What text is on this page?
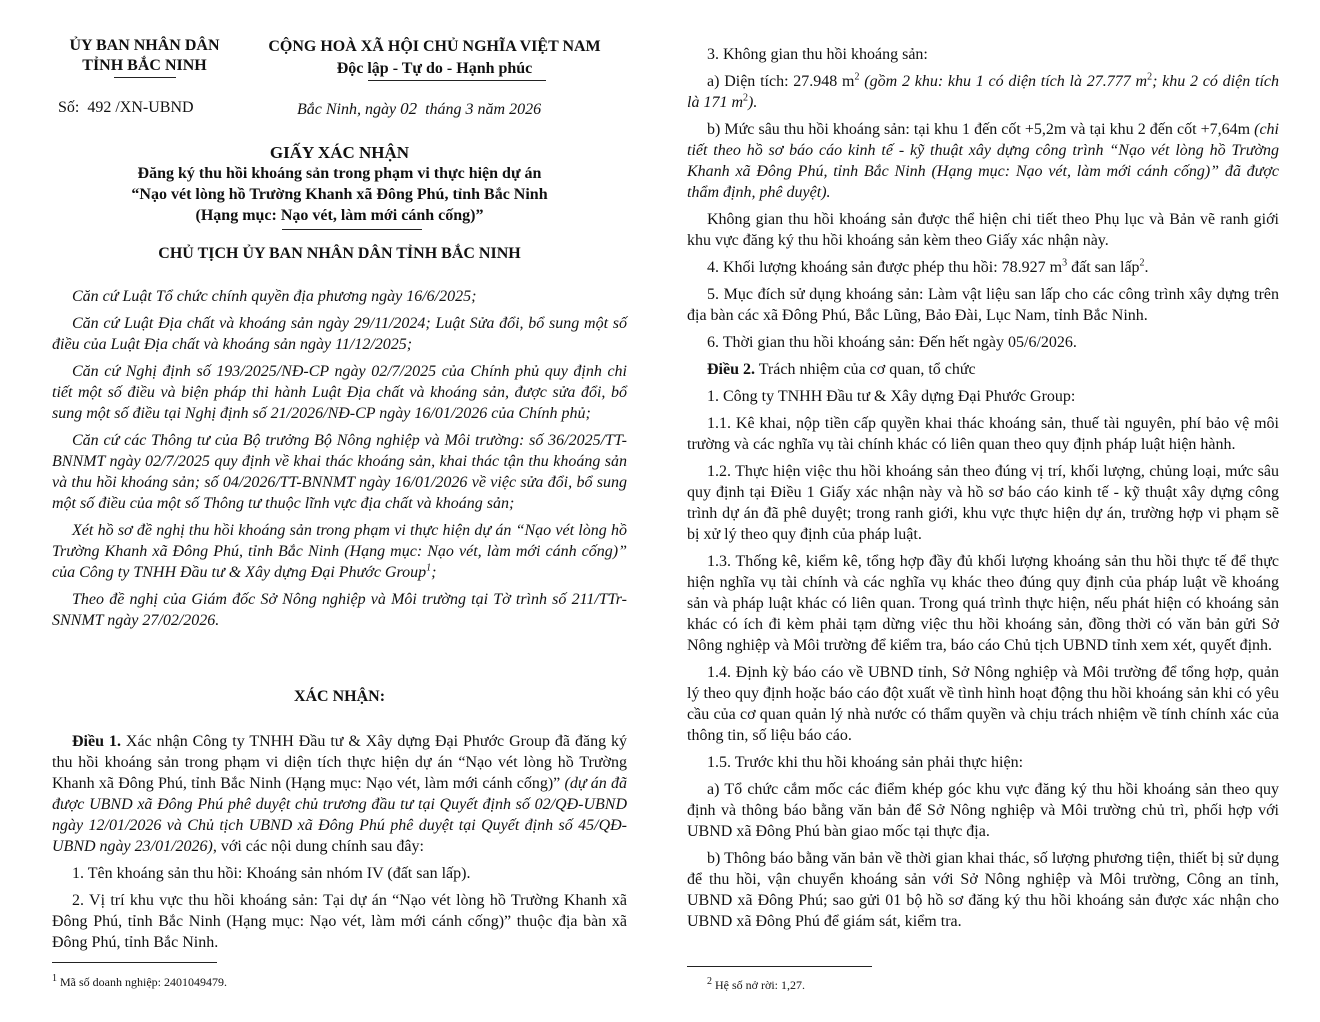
ỦY BAN NHÂN DÂN
TỈNH BẮC NINH
CỘNG HOÀ XÃ HỘI CHỦ NGHĨA VIỆT NAM
Độc lập - Tự do - Hạnh phúc
Số:  492 /XN-UBND	Bắc Ninh, ngày 02  tháng 3 năm 2026
GIẤY XÁC NHẬN
Đăng ký thu hồi khoáng sản trong phạm vi thực hiện dự án
“Nạo vét lòng hồ Trường Khanh xã Đông Phú, tỉnh Bắc Ninh
(Hạng mục: Nạo vét, làm mới cánh cống)”
CHỦ TỊCH ỦY BAN NHÂN DÂN TỈNH BẮC NINH

Căn cứ Luật Tổ chức chính quyền địa phương ngày 16/6/2025;

Căn cứ Luật Địa chất và khoáng sản ngày 29/11/2024; Luật Sửa đổi, bổ sung một số điều của Luật Địa chất và khoáng sản ngày 11/12/2025;

Căn cứ Nghị định số 193/2025/NĐ-CP ngày 02/7/2025 của Chính phủ quy định chi tiết một số điều và biện pháp thi hành Luật Địa chất và khoáng sản, được sửa đổi, bổ sung một số điều tại Nghị định số 21/2026/NĐ-CP ngày 16/01/2026 của Chính phủ;

Căn cứ các Thông tư của Bộ trưởng Bộ Nông nghiệp và Môi trường: số 36/2025/TT-BNNMT ngày 02/7/2025 quy định về khai thác khoáng sản, khai thác tận thu khoáng sản và thu hồi khoáng sản; số 04/2026/TT-BNNMT ngày 16/01/2026 về việc sửa đổi, bổ sung một số điều của một số Thông tư thuộc lĩnh vực địa chất và khoáng sản;

Xét hồ sơ đề nghị thu hồi khoáng sản trong phạm vi thực hiện dự án “Nạo vét lòng hồ Trường Khanh xã Đông Phú, tỉnh Bắc Ninh (Hạng mục: Nạo vét, làm mới cánh cống)” của Công ty TNHH Đầu tư & Xây dựng Đại Phước Group$^1$;

Theo đề nghị của Giám đốc Sở Nông nghiệp và Môi trường tại Tờ trình số 211/TTr-SNNMT ngày 27/02/2026.

XÁC NHẬN:

Điều 1. Xác nhận Công ty TNHH Đầu tư & Xây dựng Đại Phước Group đã đăng ký thu hồi khoáng sản trong phạm vi diện tích thực hiện dự án “Nạo vét lòng hồ Trường Khanh xã Đông Phú, tỉnh Bắc Ninh (Hạng mục: Nạo vét, làm mới cánh cống)” (dự án đã được UBND xã Đông Phú phê duyệt chủ trương đầu tư tại Quyết định số 02/QĐ-UBND ngày 12/01/2026 và Chủ tịch UBND xã Đông Phú phê duyệt tại Quyết định số 45/QĐ-UBND ngày 23/01/2026), với các nội dung chính sau đây:

1. Tên khoáng sản thu hồi: Khoáng sản nhóm IV (đất san lấp).

2. Vị trí khu vực thu hồi khoáng sản: Tại dự án “Nạo vét lòng hồ Trường Khanh xã Đông Phú, tỉnh Bắc Ninh (Hạng mục: Nạo vét, làm mới cánh cống)” thuộc địa bàn xã Đông Phú, tỉnh Bắc Ninh.

$^1$ Mã số doanh nghiệp: 2401049479.

3. Không gian thu hồi khoáng sản:

a) Diện tích: 27.948 $m^2$ (gồm 2 khu: khu 1 có diện tích là 27.777 $m^2$; khu 2 có diện tích là 171 $m^2$).

b) Mức sâu thu hồi khoáng sản: tại khu 1 đến cốt +5,2m và tại khu 2 đến cốt +7,64m (chi tiết theo hồ sơ báo cáo kinh tế - kỹ thuật xây dựng công trình “Nạo vét lòng hồ Trường Khanh xã Đông Phú, tỉnh Bắc Ninh (Hạng mục: Nạo vét, làm mới cánh cống)” đã được thẩm định, phê duyệt).

Không gian thu hồi khoáng sản được thể hiện chi tiết theo Phụ lục và Bản vẽ ranh giới khu vực đăng ký thu hồi khoáng sản kèm theo Giấy xác nhận này.

4. Khối lượng khoáng sản được phép thu hồi: 78.927 $m^3$ đất san lấp$^2$.

5. Mục đích sử dụng khoáng sản: Làm vật liệu san lấp cho các công trình xây dựng trên địa bàn các xã Đông Phú, Bắc Lũng, Bảo Đài, Lục Nam, tỉnh Bắc Ninh.

6. Thời gian thu hồi khoáng sản: Đến hết ngày 05/6/2026.

Điều 2. Trách nhiệm của cơ quan, tổ chức

1. Công ty TNHH Đầu tư & Xây dựng Đại Phước Group:

1.1. Kê khai, nộp tiền cấp quyền khai thác khoáng sản, thuế tài nguyên, phí bảo vệ môi trường và các nghĩa vụ tài chính khác có liên quan theo quy định pháp luật hiện hành.

1.2. Thực hiện việc thu hồi khoáng sản theo đúng vị trí, khối lượng, chủng loại, mức sâu quy định tại Điều 1 Giấy xác nhận này và hồ sơ báo cáo kinh tế - kỹ thuật xây dựng công trình dự án đã phê duyệt; trong ranh giới, khu vực thực hiện dự án, trường hợp vi phạm sẽ bị xử lý theo quy định của pháp luật.

1.3. Thống kê, kiểm kê, tổng hợp đầy đủ khối lượng khoáng sản thu hồi thực tế để thực hiện nghĩa vụ tài chính và các nghĩa vụ khác theo đúng quy định của pháp luật về khoáng sản và pháp luật khác có liên quan. Trong quá trình thực hiện, nếu phát hiện có khoáng sản khác có ích đi kèm phải tạm dừng việc thu hồi khoáng sản, đồng thời có văn bản gửi Sở Nông nghiệp và Môi trường để kiểm tra, báo cáo Chủ tịch UBND tỉnh xem xét, quyết định.

1.4. Định kỳ báo cáo về UBND tỉnh, Sở Nông nghiệp và Môi trường để tổng hợp, quản lý theo quy định hoặc báo cáo đột xuất về tình hình hoạt động thu hồi khoáng sản khi có yêu cầu của cơ quan quản lý nhà nước có thẩm quyền và chịu trách nhiệm về tính chính xác của thông tin, số liệu báo cáo.

1.5. Trước khi thu hồi khoáng sản phải thực hiện:

a) Tổ chức cắm mốc các điểm khép góc khu vực đăng ký thu hồi khoáng sản theo quy định và thông báo bằng văn bản để Sở Nông nghiệp và Môi trường chủ trì, phối hợp với UBND xã Đông Phú bàn giao mốc tại thực địa.

b) Thông báo bằng văn bản về thời gian khai thác, số lượng phương tiện, thiết bị sử dụng để thu hồi, vận chuyển khoáng sản với Sở Nông nghiệp và Môi trường, Công an tỉnh, UBND xã Đông Phú; sao gửi 01 bộ hồ sơ đăng ký thu hồi khoáng sản được xác nhận cho UBND xã Đông Phú để giám sát, kiểm tra.

$^2$ Hệ số nở rời: 1,27.
